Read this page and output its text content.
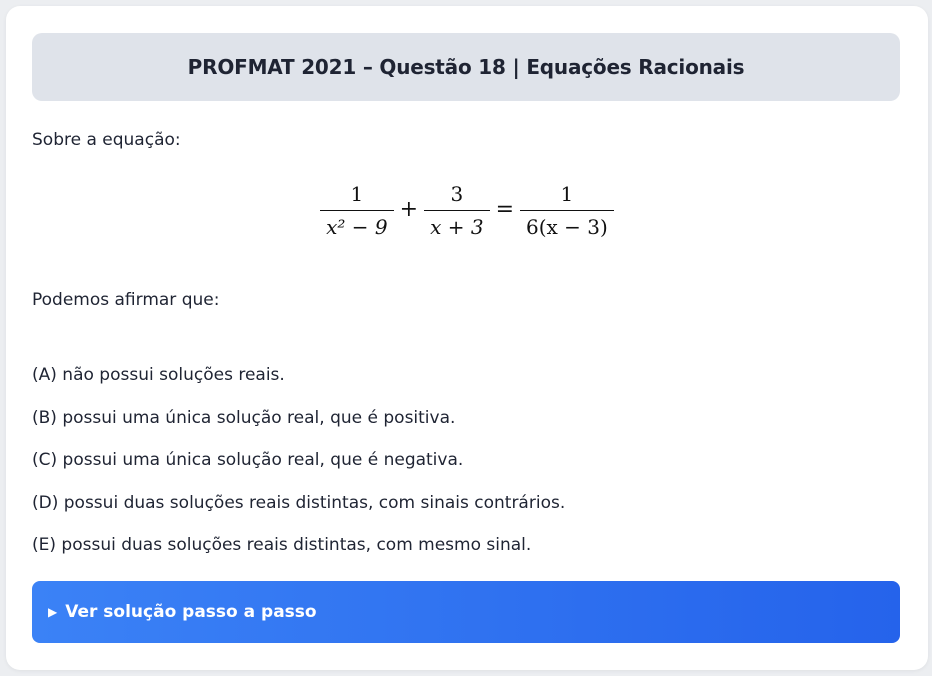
PROFMAT 2021 – Questão 18 | Equações Racionais
Sobre a equação:
$\frac{1}{\text{x² − 9}} + \frac{3}{x + 3} = \frac{1}{6(x - 3)}$
Podemos afirmar que:
(A) não possui soluções reais.
(B) possui uma única solução real, que é positiva.
(C) possui uma única solução real, que é negativa.
(D) possui duas soluções reais distintas, com sinais contrários.
(E) possui duas soluções reais distintas, com mesmo sinal.
▶ Ver solução passo a passo
